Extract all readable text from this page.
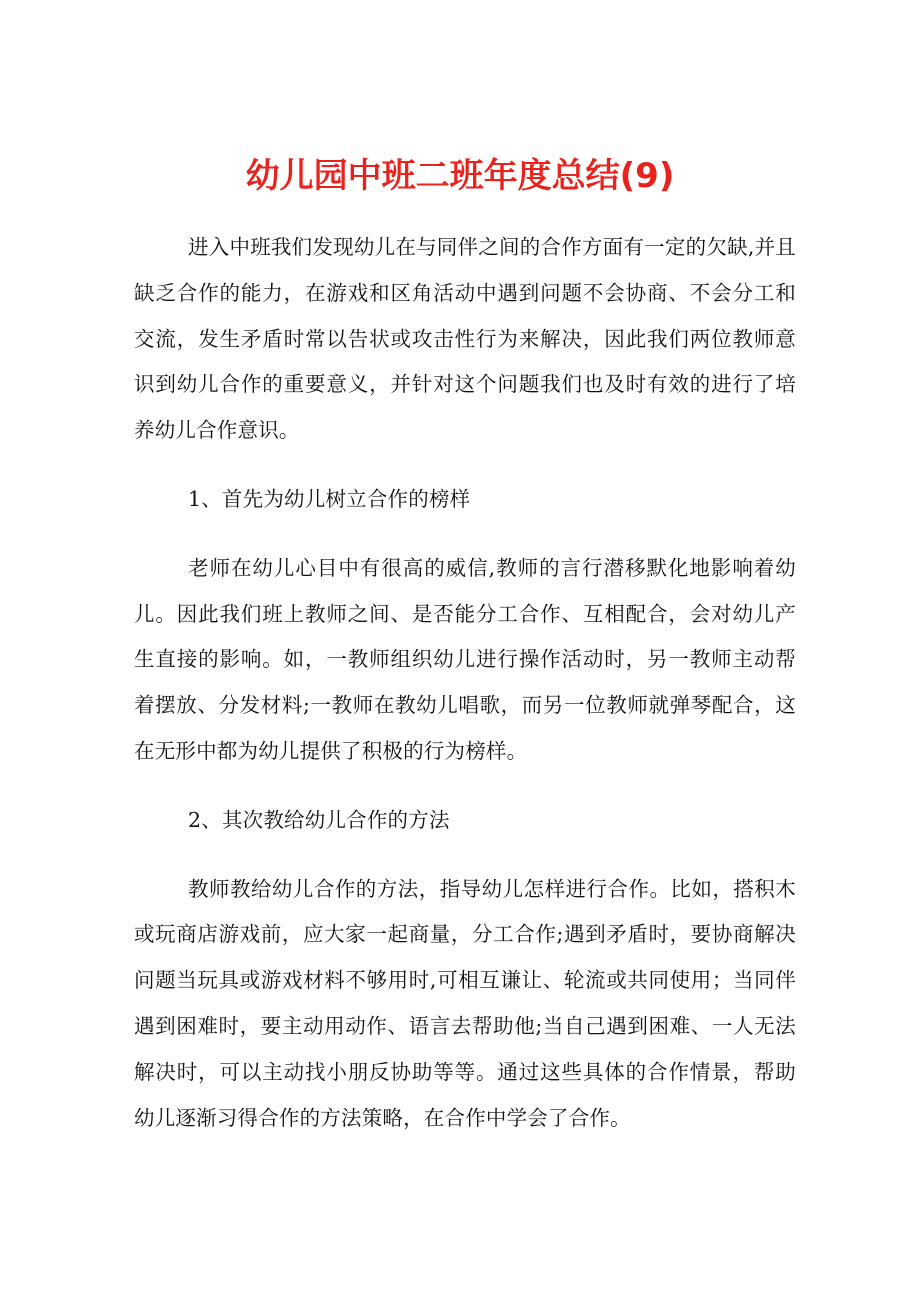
幼儿园中班二班年度总结(9)

进入中班我们发现幼儿在与同伴之间的合作方面有一定的欠缺,并且缺乏合作的能力，在游戏和区角活动中遇到问题不会协商、不会分工和交流，发生矛盾时常以告状或攻击性行为来解决，因此我们两位教师意识到幼儿合作的重要意义，并针对这个问题我们也及时有效的进行了培养幼儿合作意识。

1、首先为幼儿树立合作的榜样

老师在幼儿心目中有很高的威信,教师的言行潜移默化地影响着幼儿。因此我们班上教师之间、是否能分工合作、互相配合，会对幼儿产生直接的影响。如，一教师组织幼儿进行操作活动时，另一教师主动帮着摆放、分发材料;一教师在教幼儿唱歌，而另一位教师就弹琴配合，这在无形中都为幼儿提供了积极的行为榜样。

2、其次教给幼儿合作的方法

教师教给幼儿合作的方法，指导幼儿怎样进行合作。比如，搭积木或玩商店游戏前，应大家一起商量，分工合作;遇到矛盾时，要协商解决问题当玩具或游戏材料不够用时,可相互谦让、轮流或共同使用；当同伴遇到困难时，要主动用动作、语言去帮助他;当自己遇到困难、一人无法解决时，可以主动找小朋反协助等等。通过这些具体的合作情景，帮助幼儿逐渐习得合作的方法策略，在合作中学会了合作。
